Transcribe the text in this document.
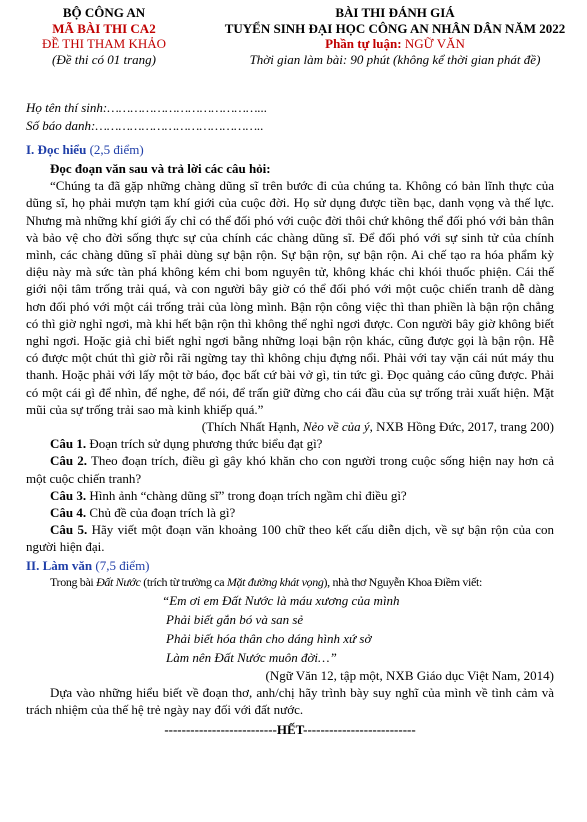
BỘ CÔNG AN
MÃ BÀI THI CA2
ĐỀ THI THAM KHẢO
(Đề thi có 01 trang)
BÀI THI ĐÁNH GIÁ
TUYỂN SINH ĐẠI HỌC CÔNG AN NHÂN DÂN NĂM 2022
Phần tự luận: NGỮ VĂN
Thời gian làm bài: 90 phút (không kể thời gian phát đề)
Họ tên thí sinh:…………………………………...
Số báo danh:……………………………………..
I. Đọc hiểu (2,5 điểm)

Đọc đoạn văn sau và trả lời các câu hỏi:

“Chúng ta đã gặp những chàng dũng sĩ trên bước đi của chúng ta. Không có bản lĩnh thực của dũng sĩ, họ phải mượn tạm khí giới của cuộc đời. Họ sử dụng được tiền bạc, danh vọng và thế lực. Nhưng mà những khí giới ấy chỉ có thể đối phó với cuộc đời thôi chứ không thể đối phó với bản thân và bảo vệ cho đời sống thực sự của chính các chàng dũng sĩ. Để đối phó với sự sinh tử của chính mình, các chàng dũng sĩ phải dùng sự bận rộn. Sự bận rộn, sự bận rộn. Ai chế tạo ra hóa phẩm kỳ diệu này mà sức tàn phá không kém chi bom nguyên tử, không khác chi khói thuốc phiện. Cái thế giới nội tâm trống trải quá, và con người bây giờ có thể đối phó với một cuộc chiến tranh dễ dàng hơn đối phó với một cái trống trải của lòng mình. Bận rộn công việc thì than phiền là bận rộn chẳng có thì giờ nghỉ ngơi, mà khi hết bận rộn thì không thể nghỉ ngơi được. Con người bây giờ không biết nghỉ ngơi. Hoặc giả chỉ biết nghỉ ngơi bằng những loại bận rộn khác, cũng được gọi là bận rộn. Hễ có được một chút thì giờ rỗi rãi ngừng tay thì không chịu đựng nổi. Phải với tay vặn cái nút máy thu thanh. Hoặc phải với lấy một tờ báo, đọc bất cứ bài vở gì, tin tức gì. Đọc quảng cáo cũng được. Phải có một cái gì để nhìn, để nghe, để nói, để trấn giữ đừng cho cái đầu của sự trống trải xuất hiện. Mặt mũi của sự trống trải sao mà kinh khiếp quá.”

(Thích Nhất Hạnh, Nẻo về của ý, NXB Hồng Đức, 2017, trang 200)

Câu 1. Đoạn trích sử dụng phương thức biểu đạt gì?

Câu 2. Theo đoạn trích, điều gì gây khó khăn cho con người trong cuộc sống hiện nay hơn cả một cuộc chiến tranh?

Câu 3. Hình ảnh “chàng dũng sĩ” trong đoạn trích ngầm chỉ điều gì?

Câu 4. Chủ đề của đoạn trích là gì?

Câu 5. Hãy viết một đoạn văn khoảng 100 chữ theo kết cấu diễn dịch, về sự bận rộn của con người hiện đại.

II. Làm văn (7,5 điểm)

Trong bài Đất Nước (trích từ trường ca Mặt đường khát vọng), nhà thơ Nguyễn Khoa Điềm viết:

“Em ơi em Đất Nước là máu xương của mình
Phải biết gắn bó và san sẻ
Phải biết hóa thân cho dáng hình xứ sở
Làm nên Đất Nước muôn đời…”

(Ngữ Văn 12, tập một, NXB Giáo dục Việt Nam, 2014)

Dựa vào những hiểu biết về đoạn thơ, anh/chị hãy trình bày suy nghĩ của mình về tình cảm và trách nhiệm của thế hệ trẻ ngày nay đối với đất nước.

--------------------------HẾT--------------------------
